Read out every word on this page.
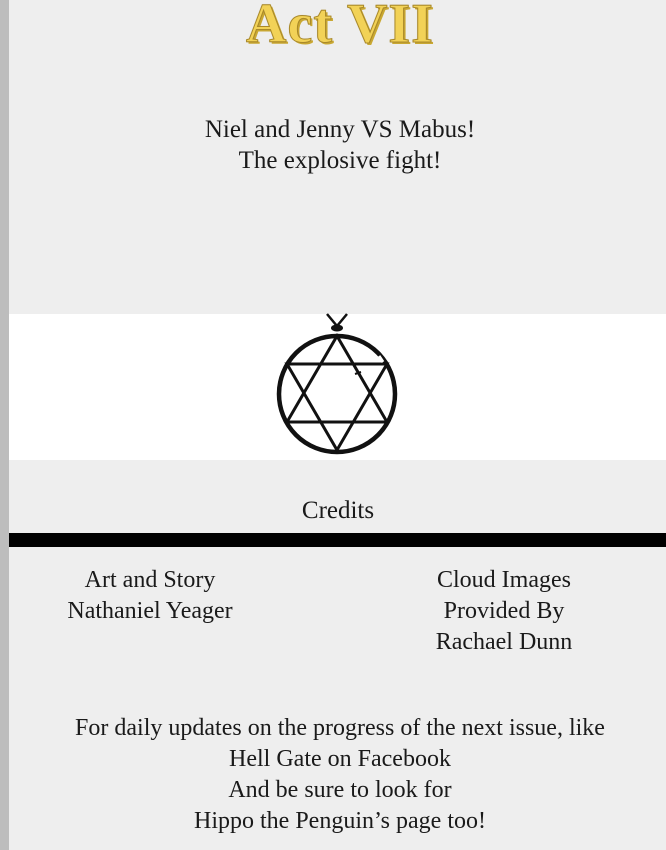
Act VII
Niel and Jenny VS Mabus!
The explosive fight!
Credits
Art and Story
Nathaniel Yeager
Cloud Images
Provided By
Rachael Dunn
For daily updates on the progress of the next issue, like
Hell Gate on Facebook
And be sure to look for
Hippo the Penguin’s page too!
